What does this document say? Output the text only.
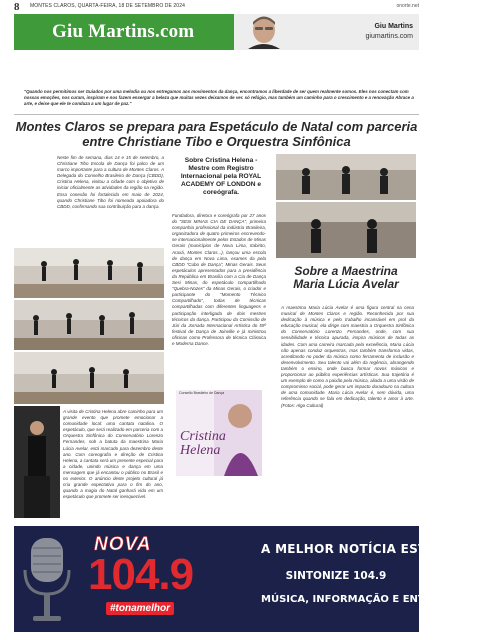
8 MONTES CLAROS, QUARTA-FEIRA, 18 DE SETEMBRO DE 2024	onorte.net
Giu Martins.com	Giu Martins
giumartins.com

"Quando nos permitimos ser Guiados por uma melodia ou nos entregamos aos movimentos da dança, encontramos a liberdade de ser quem realmente somos. Eles nos conectam com nossas emoções, nos curam, inspiram e nos fazem enxergar a beleza que muitas vezes deixamos de ver. só refúgio, mas também um caminho para o crescimento e a renovação Abrace a arte, e deixe que ele te conduza a um lugar de paz."

Montes Claros se prepara para Espetáculo de Natal com parceria entre Christiane Tibo e Orquestra Sinfônica

Neste fim de semana, dias 14 e 15 de setembro, a Christiane Tibo Escola de Dança foi palco de um marco importante para a cultura de Montes Claros. A Delegada do Conselho Brasileiro de Dança (CBDD), Cristina Helena, visitou a cidade com o objetivo de iniciar oficialmente as atividades da região na região. Essa conexão foi fortalecida em maio de 2024, quando Christiane Tibo foi nomeada apoiadora do CBDD, confirmando sua contribuição para a dança.

A visita de Cristina Helena abre caminho para um grande evento que promete emocionar a comunidade local: uma cantata natalina. O espetáculo, que será realizado em parceria com a Orquestra Sinfônica do Conservatório Lorenzo Fernandes, sob a batuta da maestrina Maria Lúcia Avelar, está marcado para dezembro deste ano. Com coreografia e direção de Cristina Helena, a cantata será um presente especial para a cidade, unindo música e dança em uma mensagem que já encantou o público no Brasil e no exterior. O anúncio deste projeto cultural já cria grande expectativa para o fim do ano, quando a magia do Natal ganhará vida em um espetáculo que promete ser inesquecível.

Sobre Cristina Helena - Mestre com Registro Internacional pela ROYAL ACADEMY OF LONDON e coreógrafa.

Fundadora, diretora e coreógrafa por 27 anos do "SESI MINAS CIA DE DANÇA", primeira companhia profissional da indústria Brasileira, organizadora de quatro primeiros escrevendo-se internacionalmente pelos Estados de Minas Gerais (municípios de Nova Lima, Itabirito, Araxá, Montes Claros...), lançou uma escola de dança em Nova Lima, exames da pela CBDD "Cubo de Dança", Minas Gerais. Seus espetáculos apresentados para a presidência da República em Brasília com a Cia de Dança Sesi Minas, do espetáculo compartilhado "Quebra-Nozes" da Minas Gerais, o criador e participante do "Momento Técnico Compartilhado", todas de técnicas compartilhadas com diferentes linguagens e participação interligada de dois mestres técnicos da dança. Participou da Comissão de Júri da Jornada Internacional Artística do 59º festival de Dança de Joinville e já ministrou oficinas como Professora de técnica Clássica e Moderna Dance.

Consello Brasileiro de Dança
Cristina Helena
Sobre a Maestrina Maria Lúcia Avelar

A maestrina Maria Lúcia Avelar é uma figura central na cena musical de Montes Claros e região. Reconhecida por sua dedicação à música e pelo trabalho incansável em prol da educação musical, ela dirige com maestria a Orquestra Sinfônica do Conservatório Lorenzo Fernandes, onde, com sua sensibilidade e técnica apurada, inspira músicos de todas as idades. Com uma carreira marcada pela excelência, Maria Lúcia não apenas conduz orquestras, mas também transforma vidas, acreditando no poder da música como ferramenta de inclusão e desenvolvimento. Seu talento vai além da regência, abrangendo também o ensino, onde busca formar novos músicos e proporcionar ao público experiências artísticas. Sua trajetória é um exemplo de como a paixão pela música, aliada a uma visão de compromisso social, pode gerar um impacto duradouro na cultura de uma comunidade. Maria Lúcia Avelar é, sem dúvida, uma referência quando se fala em dedicação, talento e amor à arte. (Fotos: Algo Cultural)

NOVA
104.9
#tonamelhor
A MELHOR NOTÍCIA ESTÁ NO AR
SINTONIZE 104.9
MÚSICA, INFORMAÇÃO E ENTREVISTAS
